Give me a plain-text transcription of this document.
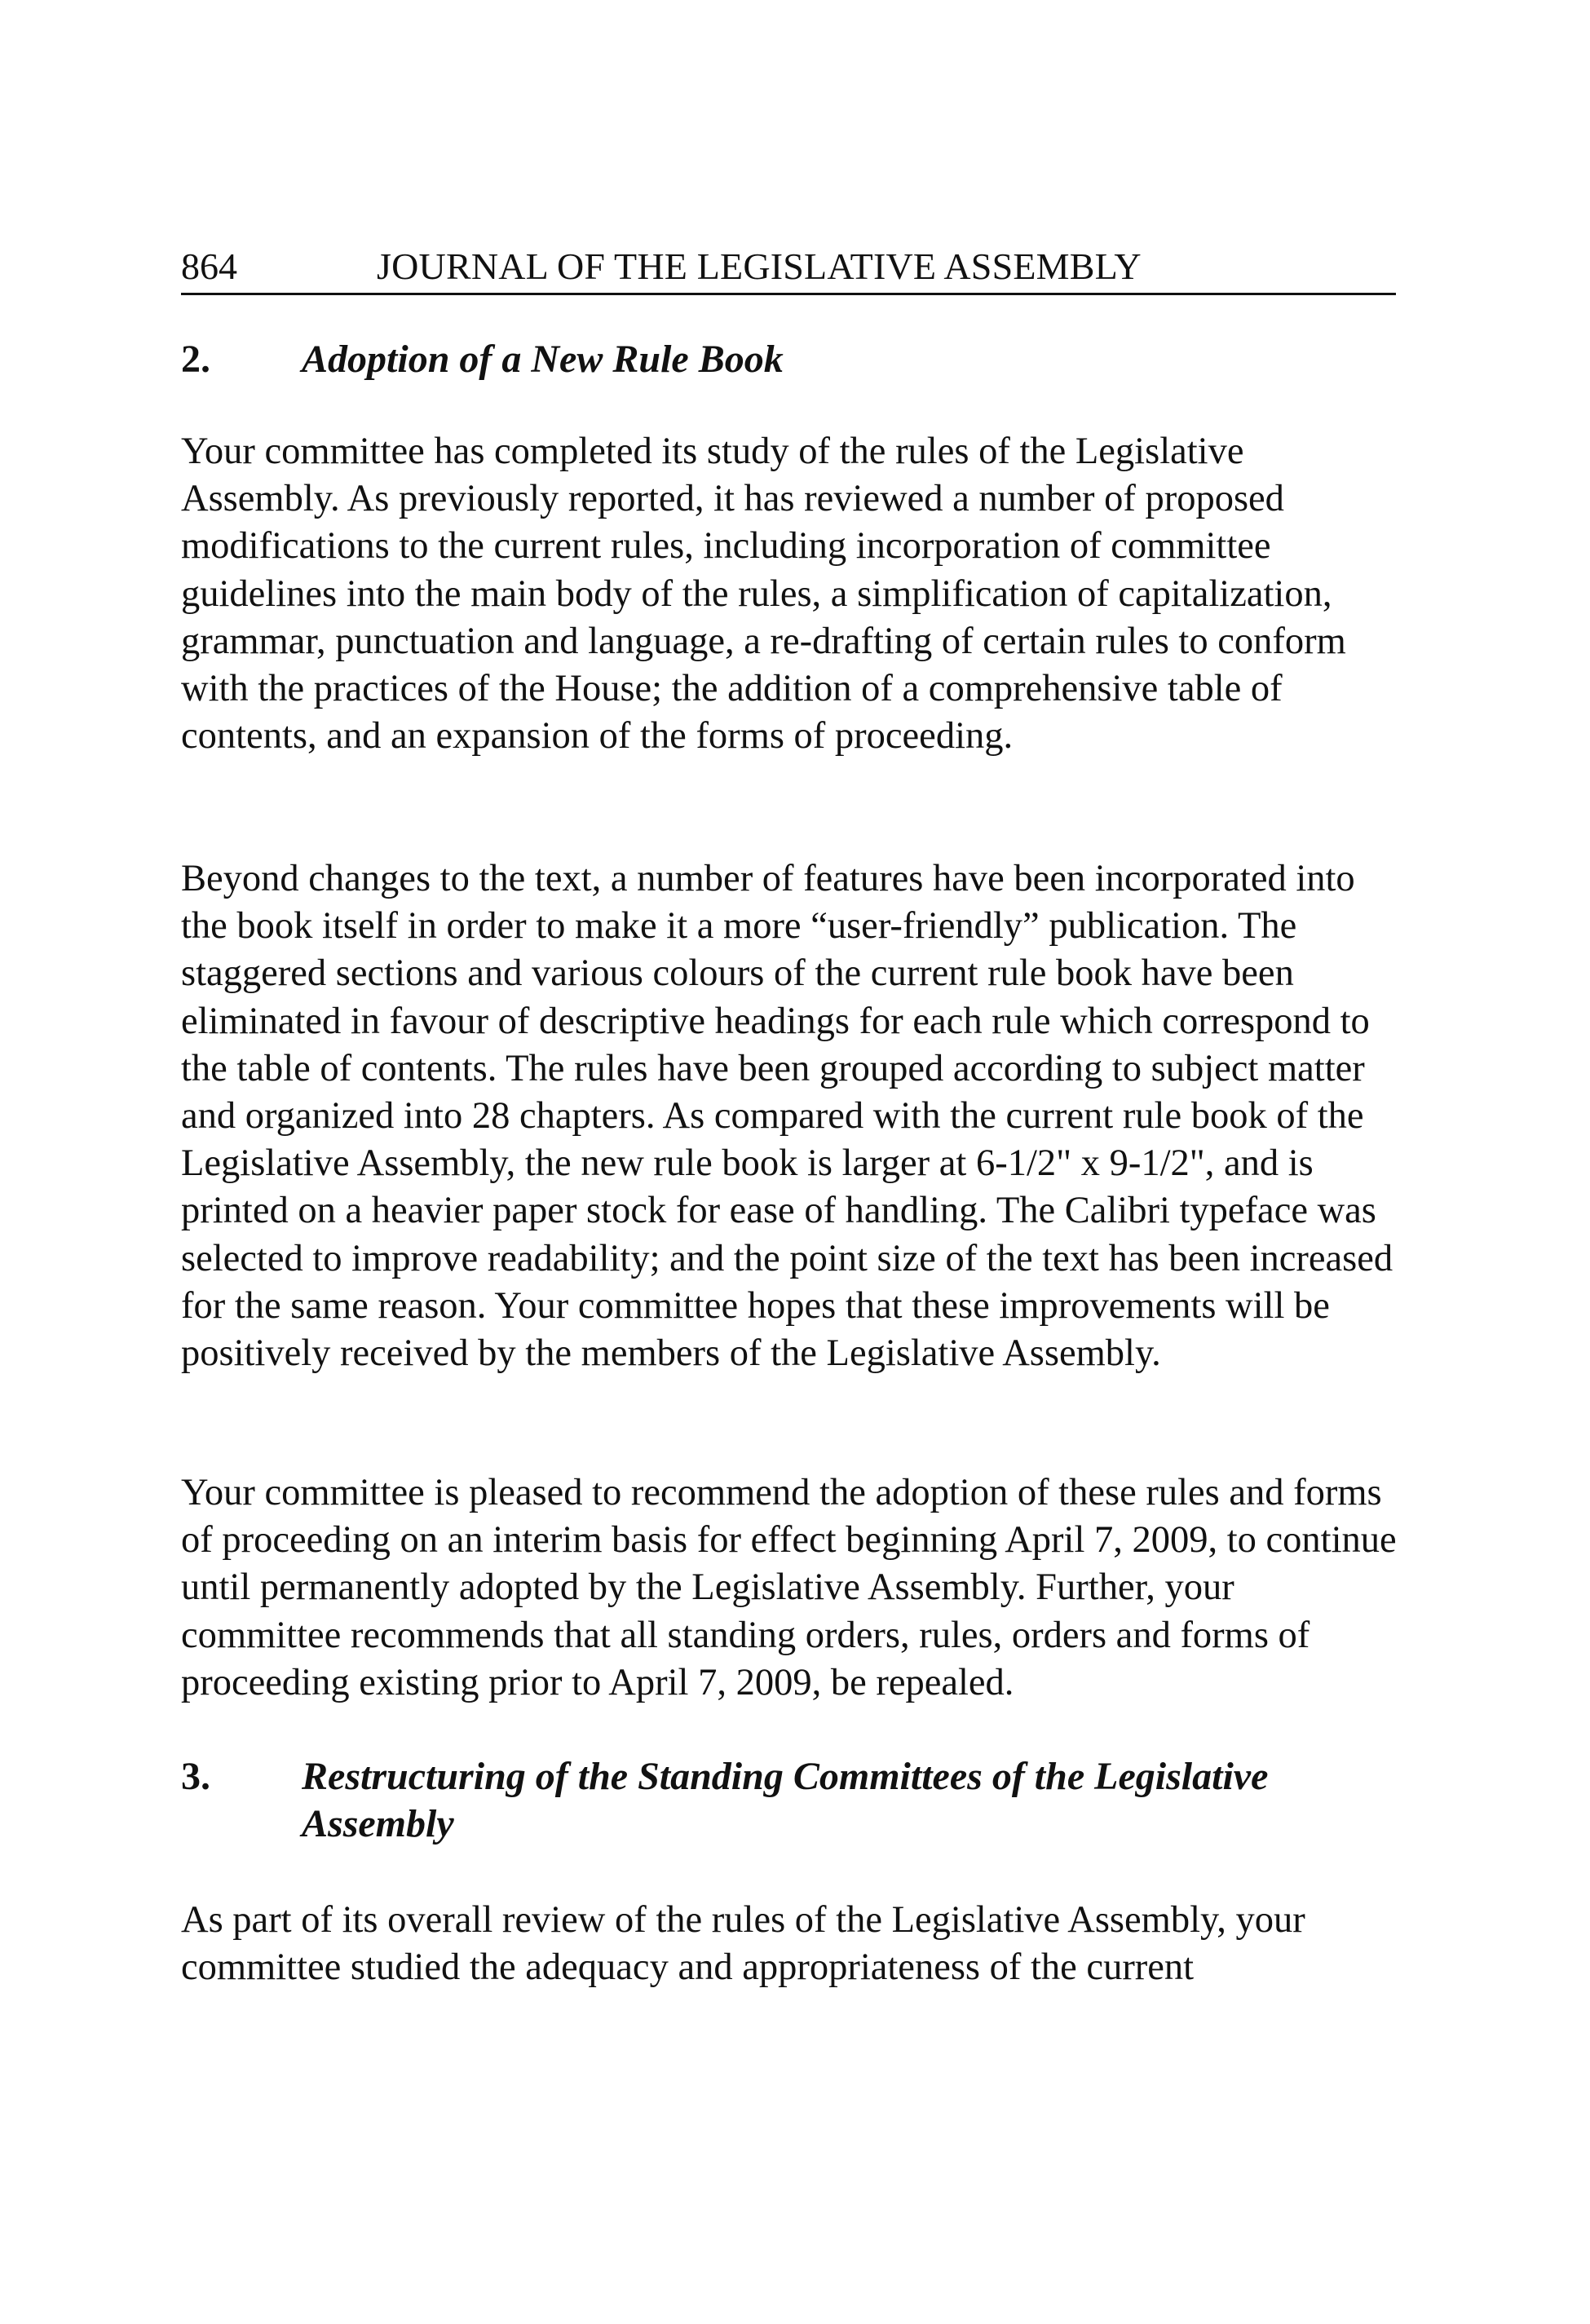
864	JOURNAL OF THE LEGISLATIVE ASSEMBLY
2. Adoption of a New Rule Book

Your committee has completed its study of the rules of the Legislative Assembly. As previously reported, it has reviewed a number of proposed modifications to the current rules, including incorporation of committee guidelines into the main body of the rules, a simplification of capitalization, grammar, punctuation and language, a re-drafting of certain rules to conform with the practices of the House; the addition of a comprehensive table of contents, and an expansion of the forms of proceeding.

Beyond changes to the text, a number of features have been incorporated into the book itself in order to make it a more “user-friendly” publication. The staggered sections and various colours of the current rule book have been eliminated in favour of descriptive headings for each rule which correspond to the table of contents. The rules have been grouped according to subject matter and organized into 28 chapters. As compared with the current rule book of the Legislative Assembly, the new rule book is larger at 6-1/2" x 9-1/2", and is printed on a heavier paper stock for ease of handling. The Calibri typeface was selected to improve readability; and the point size of the text has been increased for the same reason. Your committee hopes that these improvements will be positively received by the members of the Legislative Assembly.

Your committee is pleased to recommend the adoption of these rules and forms of proceeding on an interim basis for effect beginning April 7, 2009, to continue until permanently adopted by the Legislative Assembly. Further, your committee recommends that all standing orders, rules, orders and forms of proceeding existing prior to April 7, 2009, be repealed.

3. Restructuring of the Standing Committees of the Legislative Assembly

As part of its overall review of the rules of the Legislative Assembly, your committee studied the adequacy and appropriateness of the current
